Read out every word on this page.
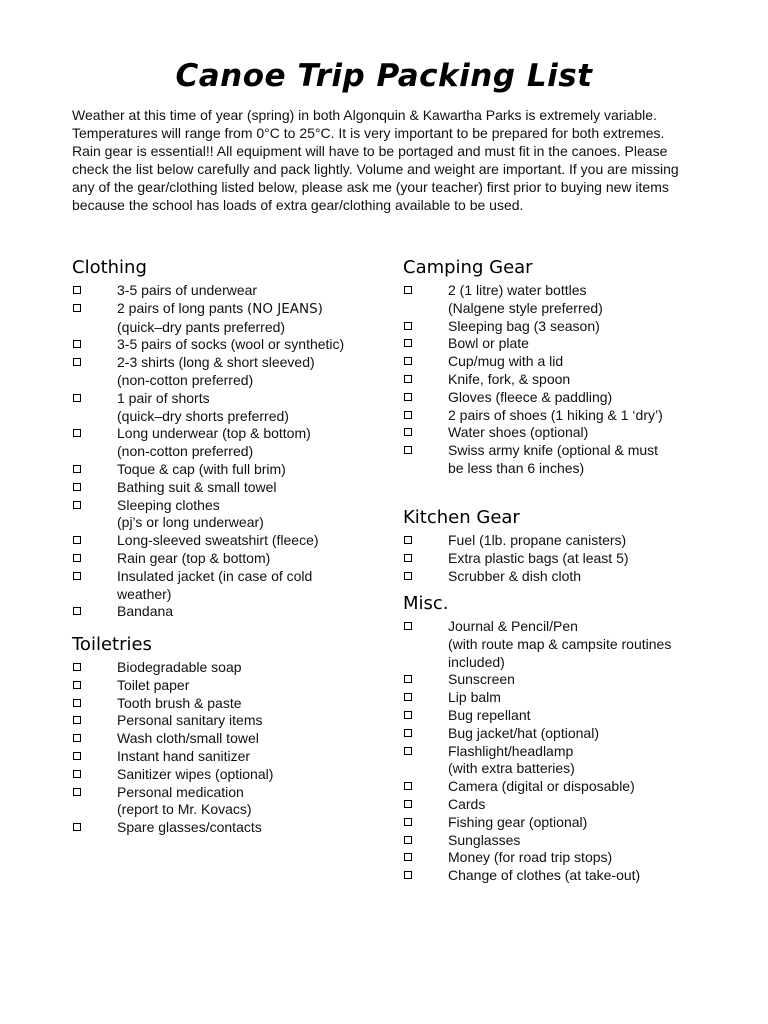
Canoe Trip Packing List
Weather at this time of year (spring) in both Algonquin & Kawartha Parks is extremely variable. Temperatures will range from 0°C to 25°C. It is very important to be prepared for both extremes. Rain gear is essential!! All equipment will have to be portaged and must fit in the canoes. Please check the list below carefully and pack lightly. Volume and weight are important. If you are missing any of the gear/clothing listed below, please ask me (your teacher) first prior to buying new items because the school has loads of extra gear/clothing available to be used.
Clothing
3-5 pairs of underwear
2 pairs of long pants (NO JEANS)
(quick–dry pants preferred)
3-5 pairs of socks (wool or synthetic)
2-3 shirts (long & short sleeved)
(non-cotton preferred)
1 pair of shorts
(quick–dry shorts preferred)
Long underwear (top & bottom)
(non-cotton preferred)
Toque & cap (with full brim)
Bathing suit & small towel
Sleeping clothes
(pj’s or long underwear)
Long-sleeved sweatshirt (fleece)
Rain gear (top & bottom)
Insulated jacket (in case of cold
weather)
Bandana
Toiletries
Biodegradable soap
Toilet paper
Tooth brush & paste
Personal sanitary items
Wash cloth/small towel
Instant hand sanitizer
Sanitizer wipes (optional)
Personal medication
(report to Mr. Kovacs)
Spare glasses/contacts
Camping Gear
2 (1 litre) water bottles
(Nalgene style preferred)
Sleeping bag (3 season)
Bowl or plate
Cup/mug with a lid
Knife, fork, & spoon
Gloves (fleece & paddling)
2 pairs of shoes (1 hiking & 1 ‘dry’)
Water shoes (optional)
Swiss army knife (optional & must
be less than 6 inches)
Kitchen Gear
Fuel (1lb. propane canisters)
Extra plastic bags (at least 5)
Scrubber & dish cloth
Misc.
Journal & Pencil/Pen
(with route map & campsite routines
included)
Sunscreen
Lip balm
Bug repellant
Bug jacket/hat (optional)
Flashlight/headlamp
(with extra batteries)
Camera (digital or disposable)
Cards
Fishing gear (optional)
Sunglasses
Money (for road trip stops)
Change of clothes (at take-out)
